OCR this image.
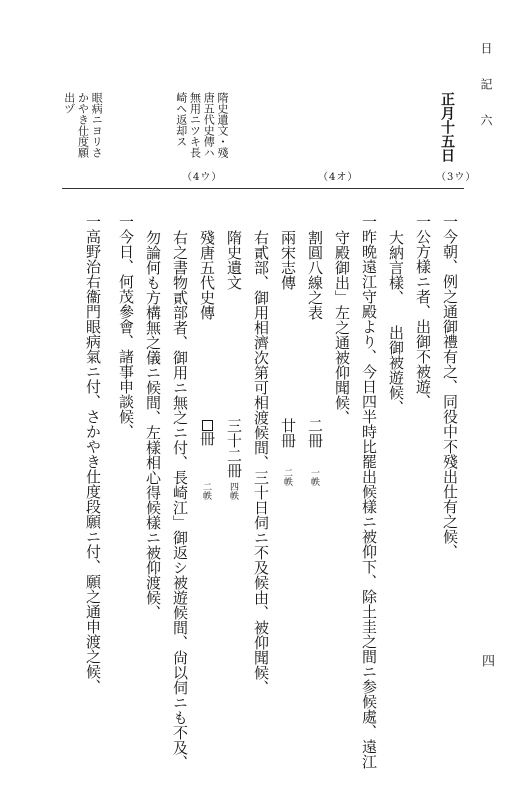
日　記　六
四
正月十五日
隋史遺文・殘
唐五代史傳ハ
無用ニツキ長
崎ヘ返却ス
眼病ニヨリさ
かやき仕度願
出ヅ
（3ウ）
（4オ）
（4ウ）
一今朝、例之通御禮有之、同役中不殘出仕有之候、
一公方樣ニ者、出御不被遊、
大納言樣、
出御被遊候、
一昨晩遠江守殿より、今日四半時比罷出候樣ニ被仰下、除土圭之間ニ参候處、遠江
守殿御出」左之通被仰聞候、
割圓八線之表
二冊
一帙
兩宋志傳
廿冊
二帙
右貳部、御用相濟次第可相渡候間、三十日伺ニ不及候由、被仰聞候、
隋史遺文
三十二冊
四帙
殘唐五代史傳
冊
二帙
右之書物貳部者、御用ニ無之ニ付、長崎江」御返シ被遊候間、尙以伺ニも不及、
勿論何も方構無之儀ニ候間、左樣相心得候樣ニ被仰渡候、
一今日、何茂參會、諸事申談候、
一高野治右衞門眼病氣ニ付、さかやき仕度段願ニ付、願之通申渡之候、
